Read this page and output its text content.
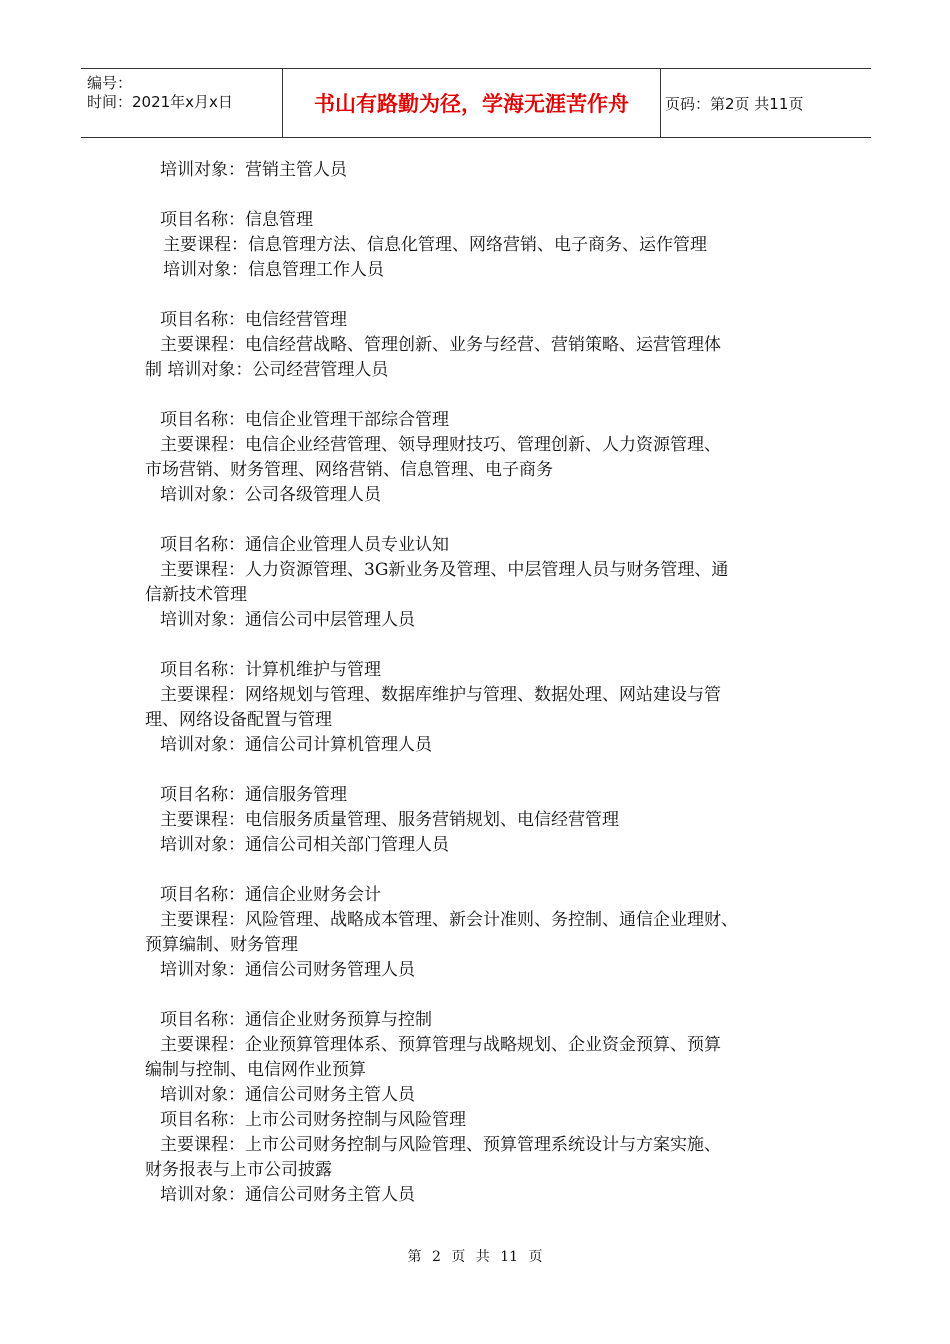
编号：
时间：2021年x月x日	书山有路勤为径，学海无涯苦作舟	页码：第2页 共11页
培训对象：营销主管人员
项目名称：信息管理
主要课程：信息管理方法、信息化管理、网络营销、电子商务、运作管理
培训对象：信息管理工作人员
项目名称：电信经营管理
主要课程：电信经营战略、管理创新、业务与经营、营销策略、运营管理体
制 培训对象：公司经营管理人员
项目名称：电信企业管理干部综合管理
主要课程：电信企业经营管理、领导理财技巧、管理创新、人力资源管理、
市场营销、财务管理、网络营销、信息管理、电子商务
培训对象：公司各级管理人员
项目名称：通信企业管理人员专业认知
主要课程：人力资源管理、3G新业务及管理、中层管理人员与财务管理、通
信新技术管理
培训对象：通信公司中层管理人员
项目名称：计算机维护与管理
主要课程：网络规划与管理、数据库维护与管理、数据处理、网站建设与管
理、网络设备配置与管理
培训对象：通信公司计算机管理人员
项目名称：通信服务管理
主要课程：电信服务质量管理、服务营销规划、电信经营管理
培训对象：通信公司相关部门管理人员
项目名称：通信企业财务会计
主要课程：风险管理、战略成本管理、新会计准则、务控制、通信企业理财、
预算编制、财务管理
培训对象：通信公司财务管理人员
项目名称：通信企业财务预算与控制
主要课程：企业预算管理体系、预算管理与战略规划、企业资金预算、预算
编制与控制、电信网作业预算
培训对象：通信公司财务主管人员
项目名称：上市公司财务控制与风险管理
主要课程：上市公司财务控制与风险管理、预算管理系统设计与方案实施、
财务报表与上市公司披露
培训对象：通信公司财务主管人员
第 2 页 共 11 页
